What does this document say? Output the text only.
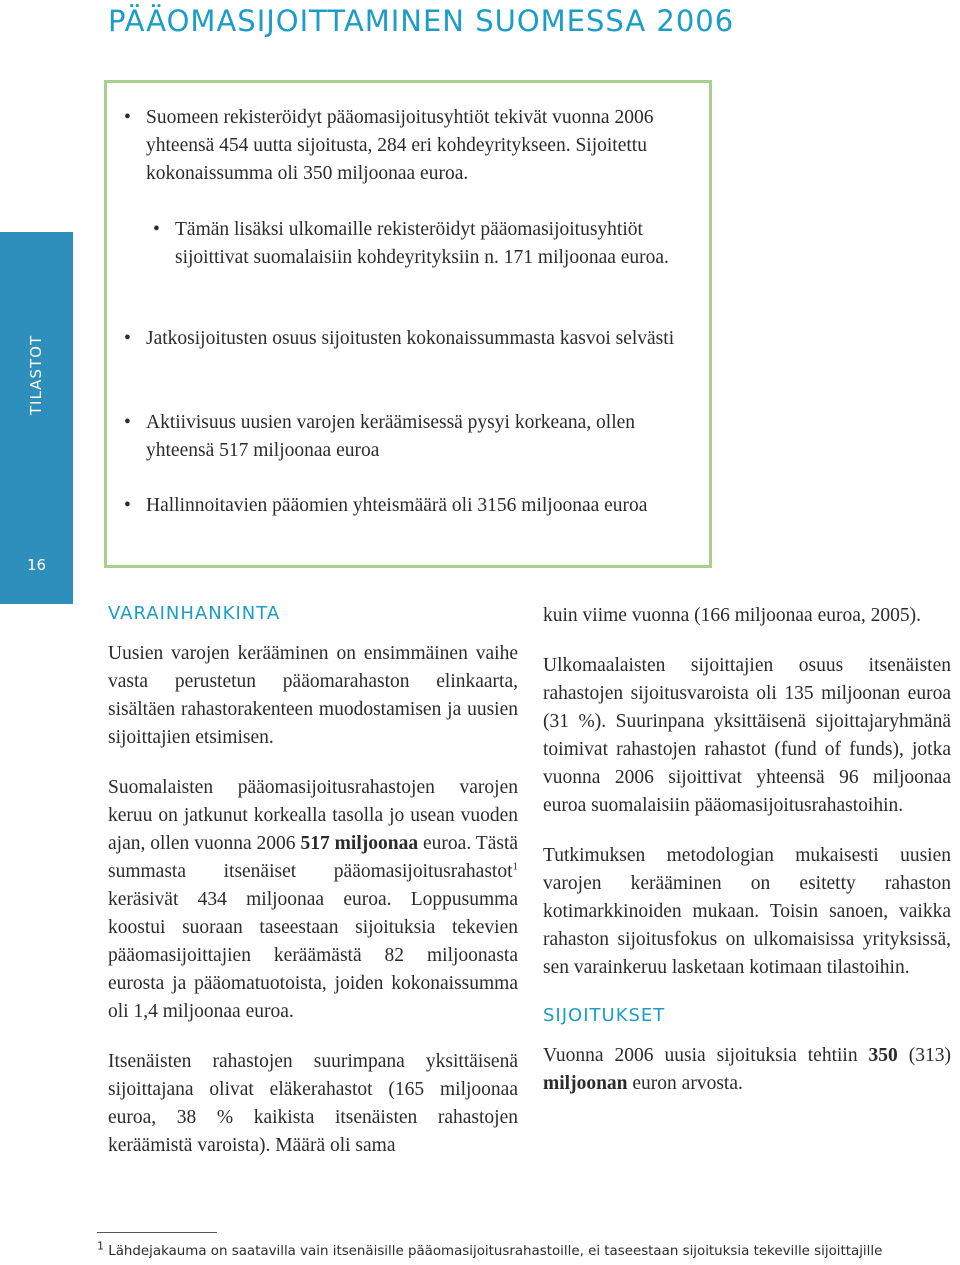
PÄÄOMASIJOITTAMINEN SUOMESSA 2006
TILASTOT
16
• Suomeen rekisteröidyt pääomasijoitusyhtiöt tekivät vuonna 2006 yhteensä 454 uutta sijoitusta, 284 eri kohdeyritykseen. Sijoitettu kokonaissumma oli 350 miljoonaa euroa.
• Tämän lisäksi ulkomaille rekisteröidyt pääomasijoitusyhtiöt sijoittivat suomalaisiin kohdeyrityksiin n. 171 miljoonaa euroa.
• Jatkosijoitusten osuus sijoitusten kokonaissummasta kasvoi selvästi
• Aktiivisuus uusien varojen keräämisessä pysyi korkeana, ollen yhteensä 517 miljoonaa euroa
• Hallinnoitavien pääomien yhteismäärä oli 3156 miljoonaa euroa
VARAINHANKINTA

Uusien varojen kerääminen on ensimmäinen vaihe vasta perustetun pääomarahaston elinkaarta, sisältäen rahastorakenteen muodostamisen ja uusien sijoittajien etsimisen.

Suomalaisten pääomasijoitusrahastojen varojen keruu on jatkunut korkealla tasolla jo usean vuoden ajan, ollen vuonna 2006 517 miljoonaa euroa. Tästä summasta itsenäiset pääomasijoitusrahastot$^1$ keräsivät 434 miljoonaa euroa. Loppusumma koostui suoraan taseestaan sijoituksia tekevien pääomasijoittajien keräämästä 82 miljoonasta eurosta ja pääomatuotoista, joiden kokonaissumma oli 1,4 miljoonaa euroa.

Itsenäisten rahastojen suurimpana yksittäisenä sijoittajana olivat eläkerahastot (165 miljoonaa euroa, 38 % kaikista itsenäisten rahastojen keräämistä varoista). Määrä oli sama

kuin viime vuonna (166 miljoonaa euroa, 2005).

Ulkomaalaisten sijoittajien osuus itsenäisten rahastojen sijoitusvaroista oli 135 miljoonan euroa (31 %). Suurinpana yksittäisenä sijoittajaryhmänä toimivat rahastojen rahastot (fund of funds), jotka vuonna 2006 sijoittivat yhteensä 96 miljoonaa euroa suomalaisiin pääomasijoitusrahastoihin.

Tutkimuksen metodologian mukaisesti uusien varojen kerääminen on esitetty rahaston kotimarkkinoiden mukaan. Toisin sanoen, vaikka rahaston sijoitusfokus on ulkomaisissa yrityksissä, sen varainkeruu lasketaan kotimaan tilastoihin.

SIJOITUKSET

Vuonna 2006 uusia sijoituksia tehtiin 350 (313) miljoonan euron arvosta.

$^1$ Lähdejakauma on saatavilla vain itsenäisille pääomasijoitusrahastoille, ei taseestaan sijoituksia tekeville sijoittajille
